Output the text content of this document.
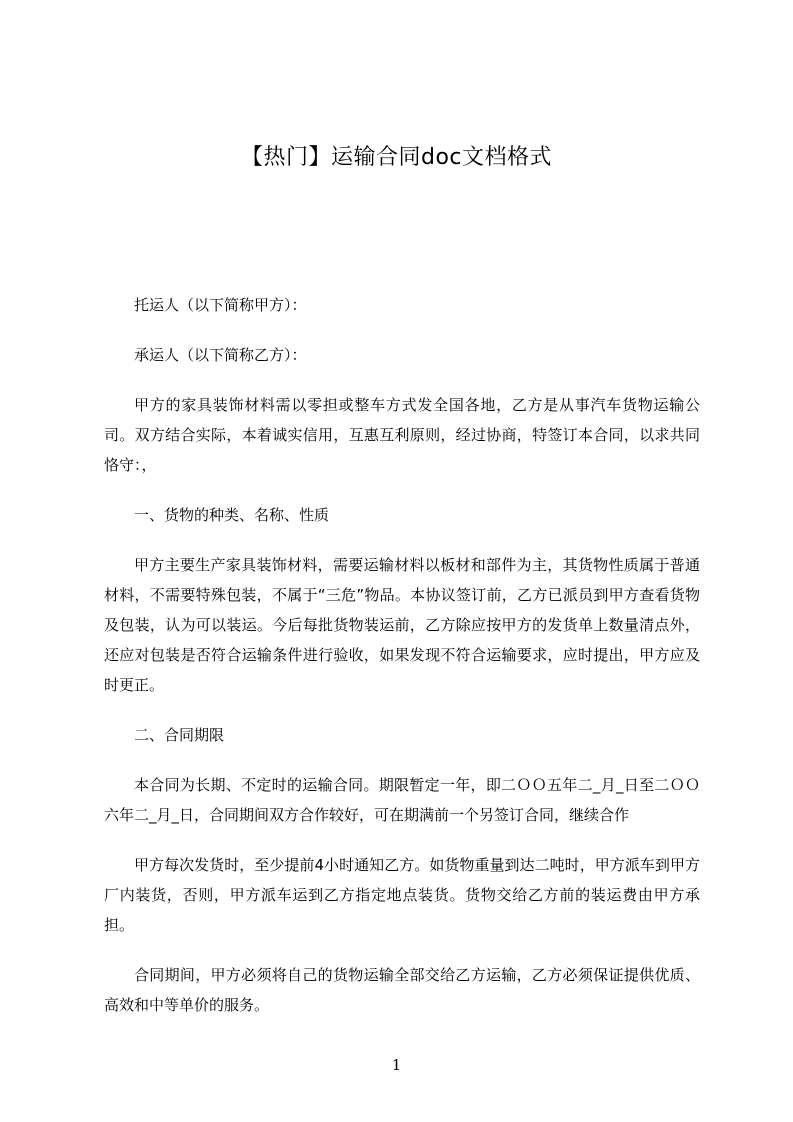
【热门】运输合同doc文档格式

托运人（以下简称甲方）：

承运人（以下简称乙方）：

甲方的家具装饰材料需以零担或整车方式发全国各地，乙方是从事汽车货物运输公司。双方结合实际，本着诚实信用，互惠互利原则，经过协商，特签订本合同，以求共同恪守：，

一、货物的种类、名称、性质

甲方主要生产家具装饰材料，需要运输材料以板材和部件为主，其货物性质属于普通材料，不需要特殊包装，不属于“三危”物品。本协议签订前，乙方已派员到甲方查看货物及包装，认为可以装运。今后每批货物装运前，乙方除应按甲方的发货单上数量清点外，还应对包装是否符合运输条件进行验收，如果发现不符合运输要求，应时提出，甲方应及时更正。

二、合同期限

本合同为长期、不定时的运输合同。期限暂定一年，即二ＯＯ五年二_月_日至二ＯＯ六年二_月_日，合同期间双方合作较好，可在期满前一个另签订合同，继续合作

甲方每次发货时，至少提前4小时通知乙方。如货物重量到达二吨时，甲方派车到甲方厂内装货，否则，甲方派车运到乙方指定地点装货。货物交给乙方前的装运费由甲方承担。

合同期间，甲方必须将自己的货物运输全部交给乙方运输，乙方必须保证提供优质、高效和中等单价的服务。

1
